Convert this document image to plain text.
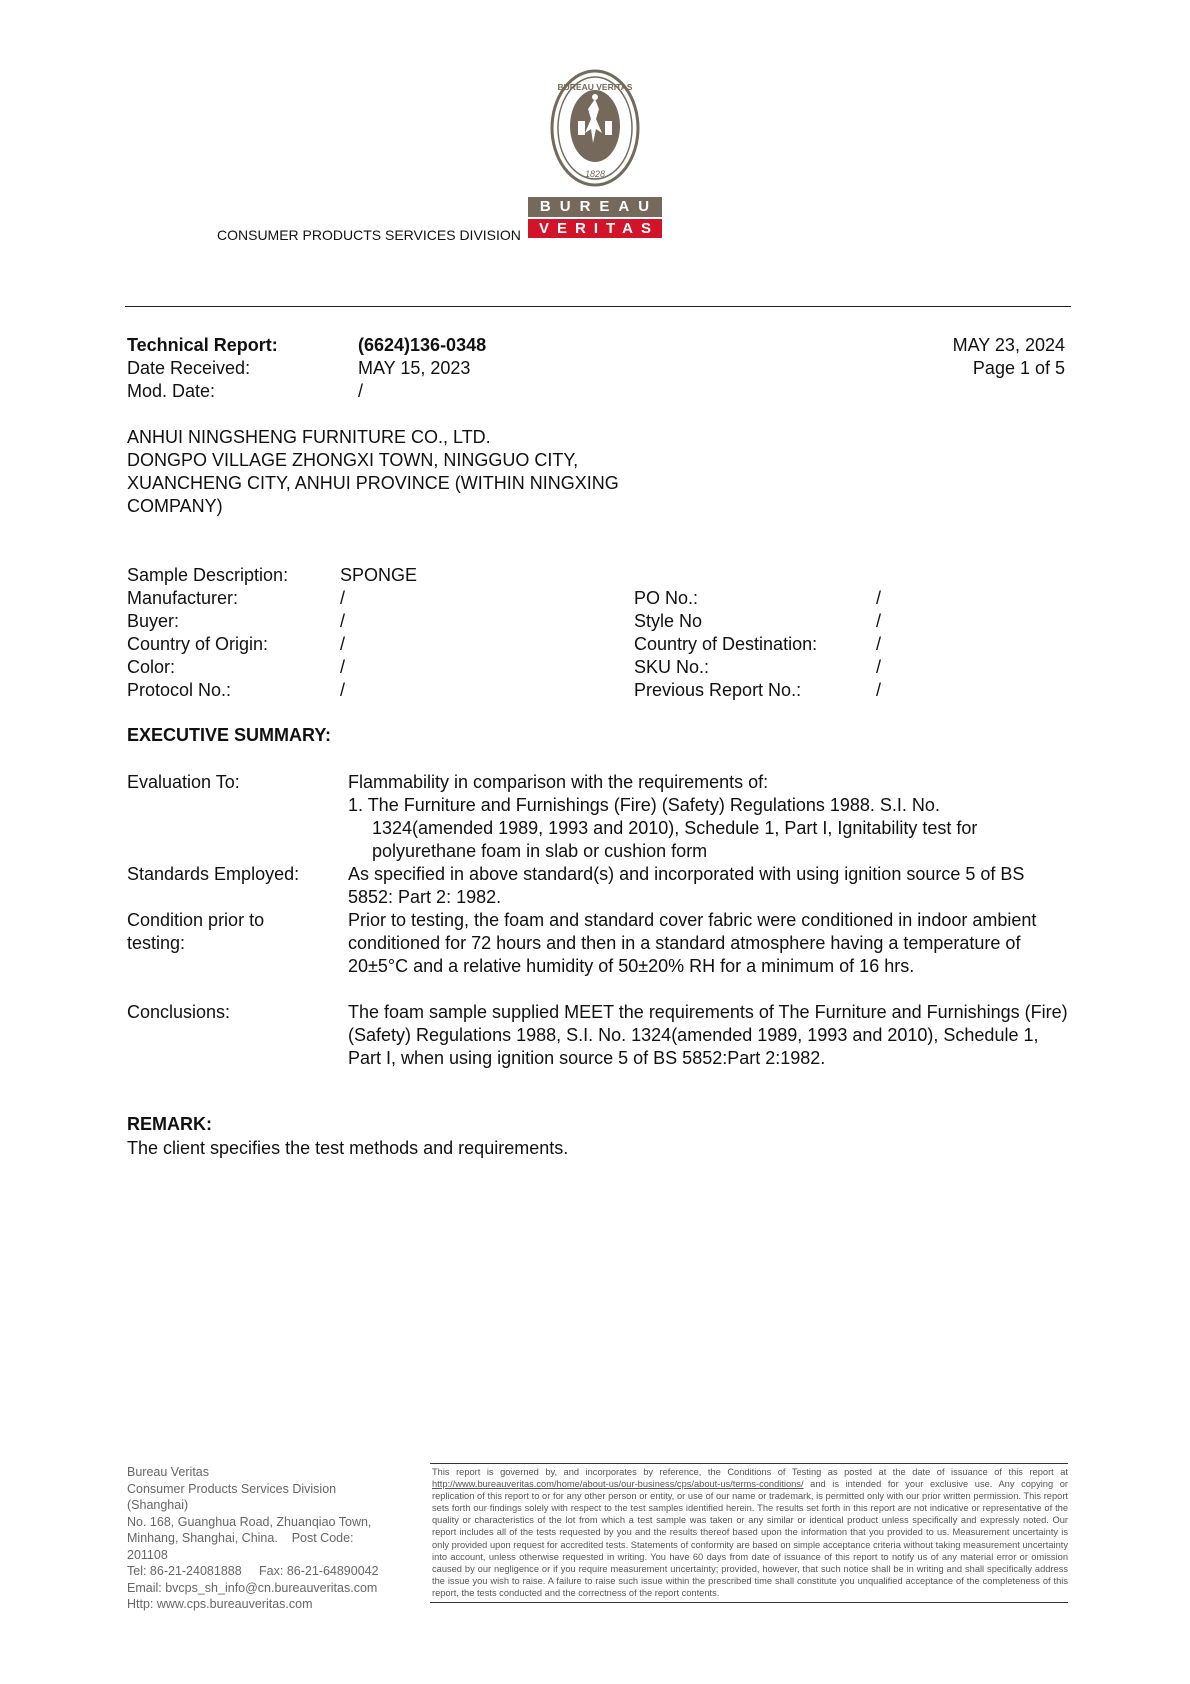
BUREAU VERITAS
1828
BUREAU
VERITAS
CONSUMER PRODUCTS SERVICES DIVISION
Technical Report:	(6624)136-0348
Date Received:	MAY 15, 2023
Mod. Date:	/
MAY 23, 2024
Page 1 of 5
ANHUI NINGSHENG FURNITURE CO., LTD.
DONGPO VILLAGE ZHONGXI TOWN, NINGGUO CITY,
XUANCHENG CITY, ANHUI PROVINCE (WITHIN NINGXING
COMPANY)
Sample Description:	SPONGE
Manufacturer:	/
Buyer:	/
Country of Origin:	/
Color:	/
Protocol No.:	/
PO No.:	/
Style No	/
Country of Destination:	/
SKU No.:	/
Previous Report No.:	/
EXECUTIVE SUMMARY:
Evaluation To:	Flammability in comparison with the requirements of:
1. The Furniture and Furnishings (Fire) (Safety) Regulations 1988. S.I. No. 1324(amended 1989, 1993 and 2010), Schedule 1, Part I, Ignitability test for polyurethane foam in slab or cushion form
Standards Employed:	As specified in above standard(s) and incorporated with using ignition source 5 of BS 5852: Part 2: 1982.
Condition prior to testing:
Prior to testing, the foam and standard cover fabric were conditioned in indoor ambient conditioned for 72 hours and then in a standard atmosphere having a temperature of 20±5°C and a relative humidity of 50±20% RH for a minimum of 16 hrs.
Conclusions:	The foam sample supplied MEET the requirements of The Furniture and Furnishings (Fire) (Safety) Regulations 1988, S.I. No. 1324(amended 1989, 1993 and 2010), Schedule 1, Part I, when using ignition source 5 of BS 5852:Part 2:1982.
REMARK:
The client specifies the test methods and requirements.
Bureau Veritas
Consumer Products Services Division
(Shanghai)
No. 168, Guanghua Road, Zhuanqiao Town,
Minhang, Shanghai, China.    Post Code:
201108
Tel: 86-21-24081888     Fax: 86-21-64890042
Email: bvcps_sh_info@cn.bureauveritas.com
Http: www.cps.bureauveritas.com
This report is governed by, and incorporates by reference, the Conditions of Testing as posted at the date of issuance of this report at http://www.bureauveritas.com/home/about-us/our-business/cps/about-us/terms-conditions/ and is intended for your exclusive use. Any copying or replication of this report to or for any other person or entity, or use of our name or trademark, is permitted only with our prior written permission. This report sets forth our findings solely with respect to the test samples identified herein. The results set forth in this report are not indicative or representative of the quality or characteristics of the lot from which a test sample was taken or any similar or identical product unless specifically and expressly noted. Our report includes all of the tests requested by you and the results thereof based upon the information that you provided to us. Measurement uncertainty is only provided upon request for accredited tests. Statements of conformity are based on simple acceptance criteria without taking measurement uncertainty into account, unless otherwise requested in writing. You have 60 days from date of issuance of this report to notify us of any material error or omission caused by our negligence or if you require measurement uncertainty; provided, however, that such notice shall be in writing and shall specifically address the issue you wish to raise. A failure to raise such issue within the prescribed time shall constitute you unqualified acceptance of the completeness of this report, the tests conducted and the correctness of the report contents.
